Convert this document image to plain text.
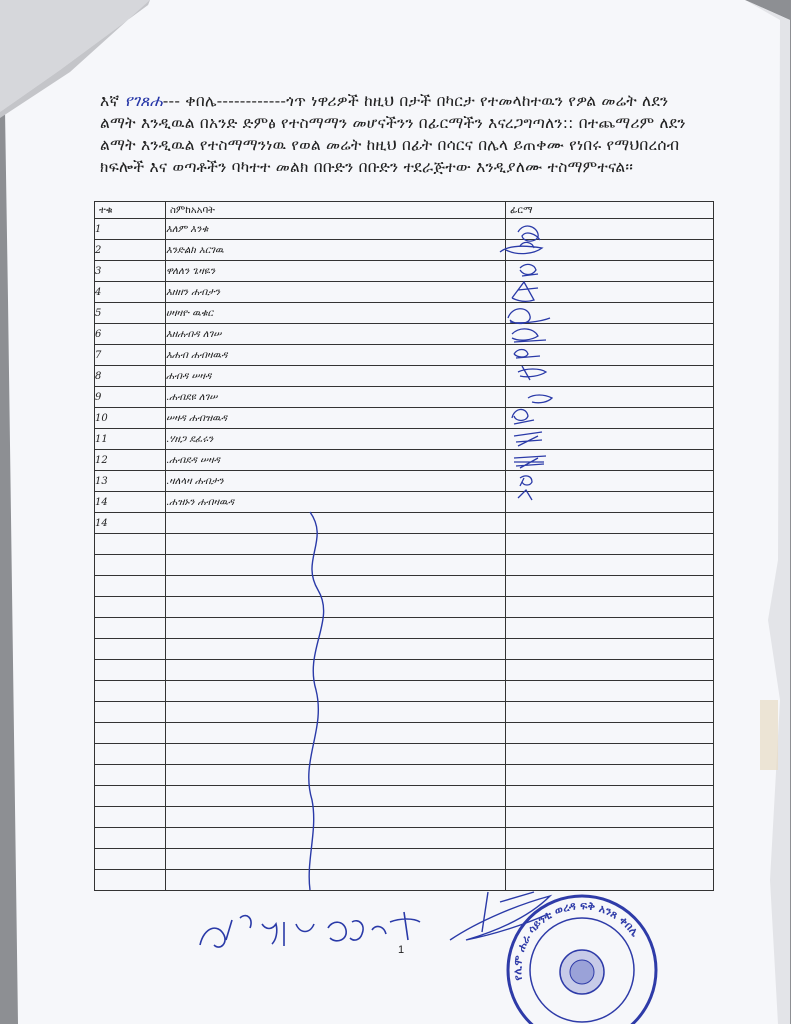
እኛ የገጸሐ--- ቀበሌ------------ጎጥ ነዋሪዎች ከዚህ በታች በካርታ የተመላከተዉን የዎል መሬት ለደን
ልማት እንዲዉል በአንድ ድምፅ የተስማማን መሆናችንን በፊርማችን እናረጋግጣለን:: በተጨማሪም ለደን
ልማት እንዲዉል የተስማማንነዉ የወል መሬት ከዚህ በፊት በሳርና በሌላ ይጠቀሙ የነበሩ የማህበረሰብ
ክፍሎች እና ወጣቶችን ባካተተ መልክ በቡድን በቡድን ተደራጅተው እንዲያለሙ ተስማምተናል፡፡
ተቁ	ስምከአአባት	ፊርማ
1	እለም እንቁ	
2	እንድልክ አርገዉ	
3	ዋለለን ጌዛዬን	
4	እዘዘን ሐብታን	
5	ሀዛዛዮ ዉቁር	
6	እዘሐብዳ ለገሠ	
7	እሐብ ሐብዛዉዳ	
8	ሐብዳ ሠዛዳ	
9	.ሐብደዩ ለገሠ	
10	ሠዛዳ ሐብዝዉዳ	
11	.ሃዘጋ ደፈሩን	
12	.ሐብደዳ ሠዛዳ	
13	.ዛለላዛ ሐብታን	
14	.ሐዝኑን ሐብዛዉዳ	
14		

የሊሞ ሐራ ሳይንቲ ወረዳ ፍቅ አንጸ ቀበሌ
1
